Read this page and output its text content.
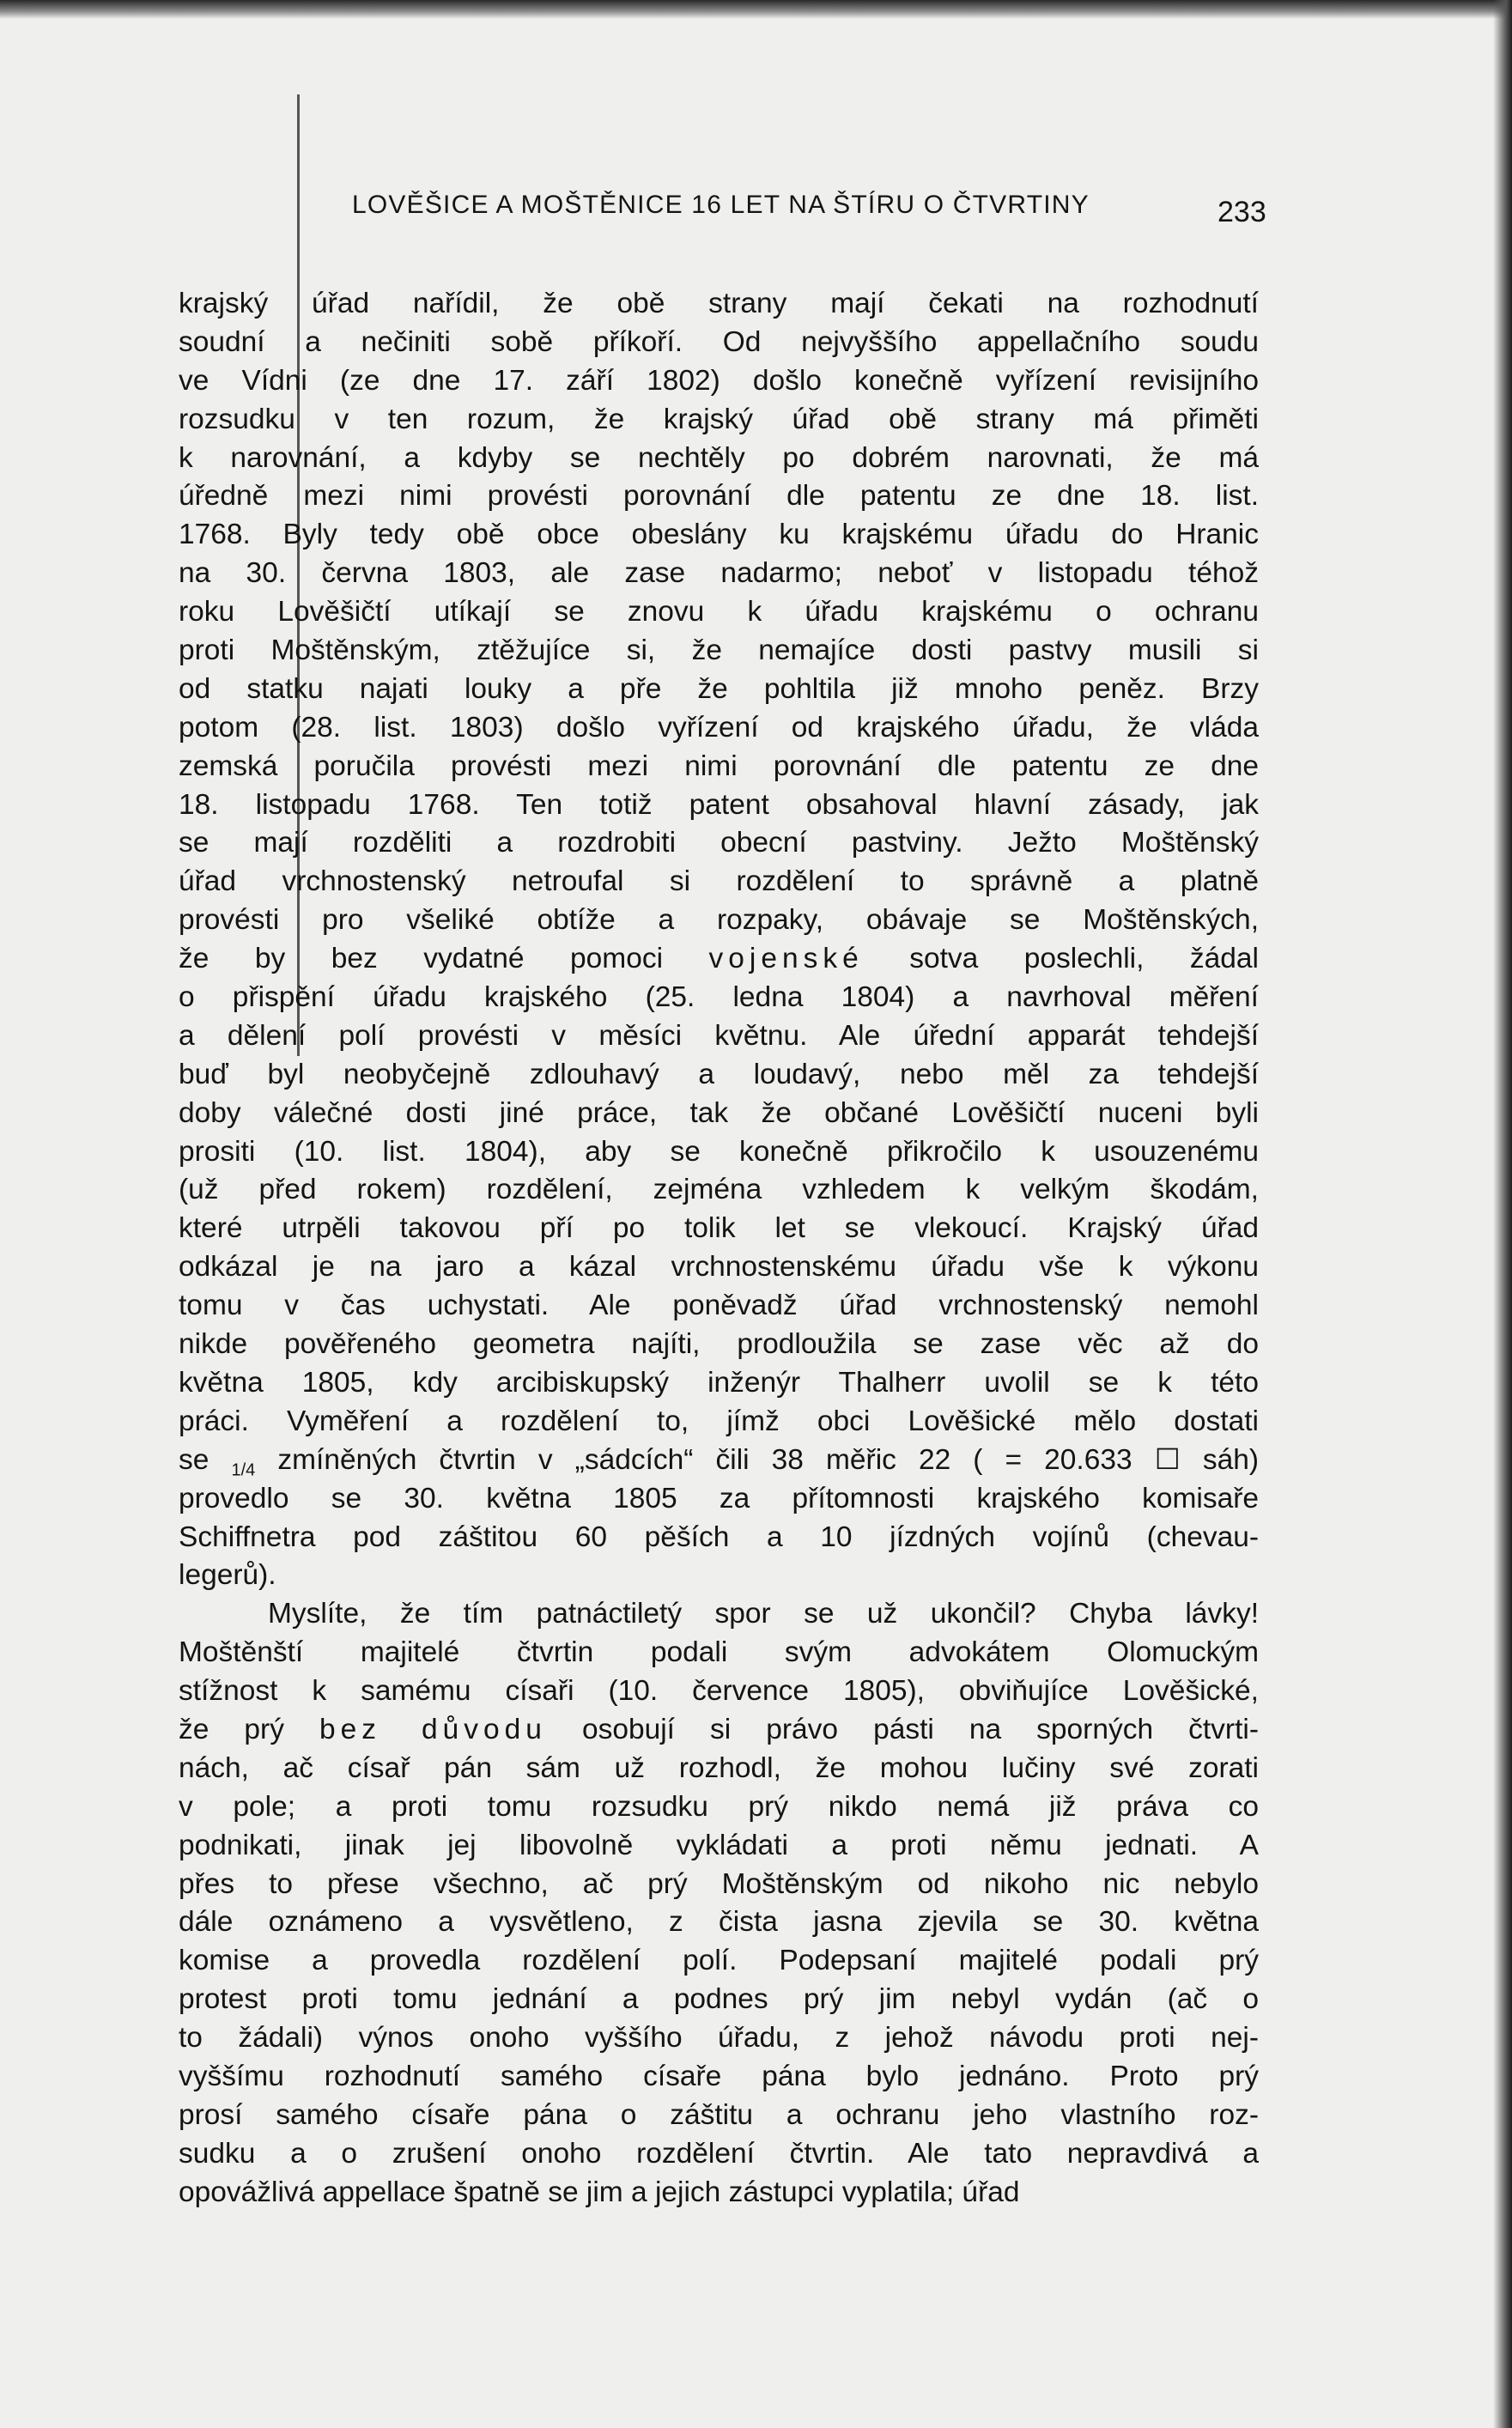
LOVĚŠICE A MOŠTĚNICE 16 LET NA ŠTÍRU O ČTVRTINY	233
krajský úřad nařídil, že obě strany mají čekati na rozhodnutí
soudní a nečiniti sobě příkoří. Od nejvyššího appellačního soudu
ve Vídni (ze dne 17. září 1802) došlo konečně vyřízení revisijního
rozsudku v ten rozum, že krajský úřad obě strany má přiměti
k narovnání, a kdyby se nechtěly po dobrém narovnati, že má
úředně mezi nimi provésti porovnání dle patentu ze dne 18. list.
1768. Byly tedy obě obce obeslány ku krajskému úřadu do Hranic
na 30. června 1803, ale zase nadarmo; neboť v listopadu téhož
roku Lověšičtí utíkají se znovu k úřadu krajskému o ochranu
proti Moštěnským, ztěžujíce si, že nemajíce dosti pastvy musili si
od statku najati louky a pře že pohltila již mnoho peněz. Brzy
potom (28. list. 1803) došlo vyřízení od krajského úřadu, že vláda
zemská poručila provésti mezi nimi porovnání dle patentu ze dne
18. listopadu 1768. Ten totiž patent obsahoval hlavní zásady, jak
se mají rozděliti a rozdrobiti obecní pastviny. Ježto Moštěnský
úřad vrchnostenský netroufal si rozdělení to správně a platně
provésti pro všeliké obtíže a rozpaky, obávaje se Moštěnských,
že by bez vydatné pomoci vojenské sotva poslechli, žádal
o přispění úřadu krajského (25. ledna 1804) a navrhoval měření
a dělení polí provésti v měsíci květnu. Ale úřední apparát tehdejší
buď byl neobyčejně zdlouhavý a loudavý, nebo měl za tehdejší
doby válečné dosti jiné práce, tak že občané Lověšičtí nuceni byli
prositi (10. list. 1804), aby se konečně přikročilo k usouzenému
(už před rokem) rozdělení, zejména vzhledem k velkým škodám,
které utrpěli takovou pří po tolik let se vlekoucí. Krajský úřad
odkázal je na jaro a kázal vrchnostenskému úřadu vše k výkonu
tomu v čas uchystati. Ale poněvadž úřad vrchnostenský nemohl
nikde pověřeného geometra najíti, prodloužila se zase věc až do
května 1805, kdy arcibiskupský inženýr Thalherr uvolil se k této
práci. Vyměření a rozdělení to, jímž obci Lověšické mělo dostati
se $_{1/4}$ zmíněných čtvrtin v „sádcích“ čili 38 měřic 22 ( = 20.633 ☐ sáh)
provedlo se 30. května 1805 za přítomnosti krajského komisaře
Schiffnetra pod záštitou 60 pěších a 10 jízdných vojínů (chevau-
legerů).
Myslíte, že tím patnáctiletý spor se už ukončil? Chyba lávky!
Moštěnští majitelé čtvrtin podali svým advokátem Olomuckým
stížnost k samému císaři (10. července 1805), obviňujíce Lověšické,
že prý bez důvodu osobují si právo pásti na sporných čtvrti-
nách, ač císař pán sám už rozhodl, že mohou lučiny své zorati
v pole; a proti tomu rozsudku prý nikdo nemá již práva co
podnikati, jinak jej libovolně vykládati a proti němu jednati. A
přes to přese všechno, ač prý Moštěnským od nikoho nic nebylo
dále oznámeno a vysvětleno, z čista jasna zjevila se 30. května
komise a provedla rozdělení polí. Podepsaní majitelé podali prý
protest proti tomu jednání a podnes prý jim nebyl vydán (ač o
to žádali) výnos onoho vyššího úřadu, z jehož návodu proti nej-
vyššímu rozhodnutí samého císaře pána bylo jednáno. Proto prý
prosí samého císaře pána o záštitu a ochranu jeho vlastního roz-
sudku a o zrušení onoho rozdělení čtvrtin. Ale tato nepravdivá a
opovážlivá appellace špatně se jim a jejich zástupci vyplatila; úřad
